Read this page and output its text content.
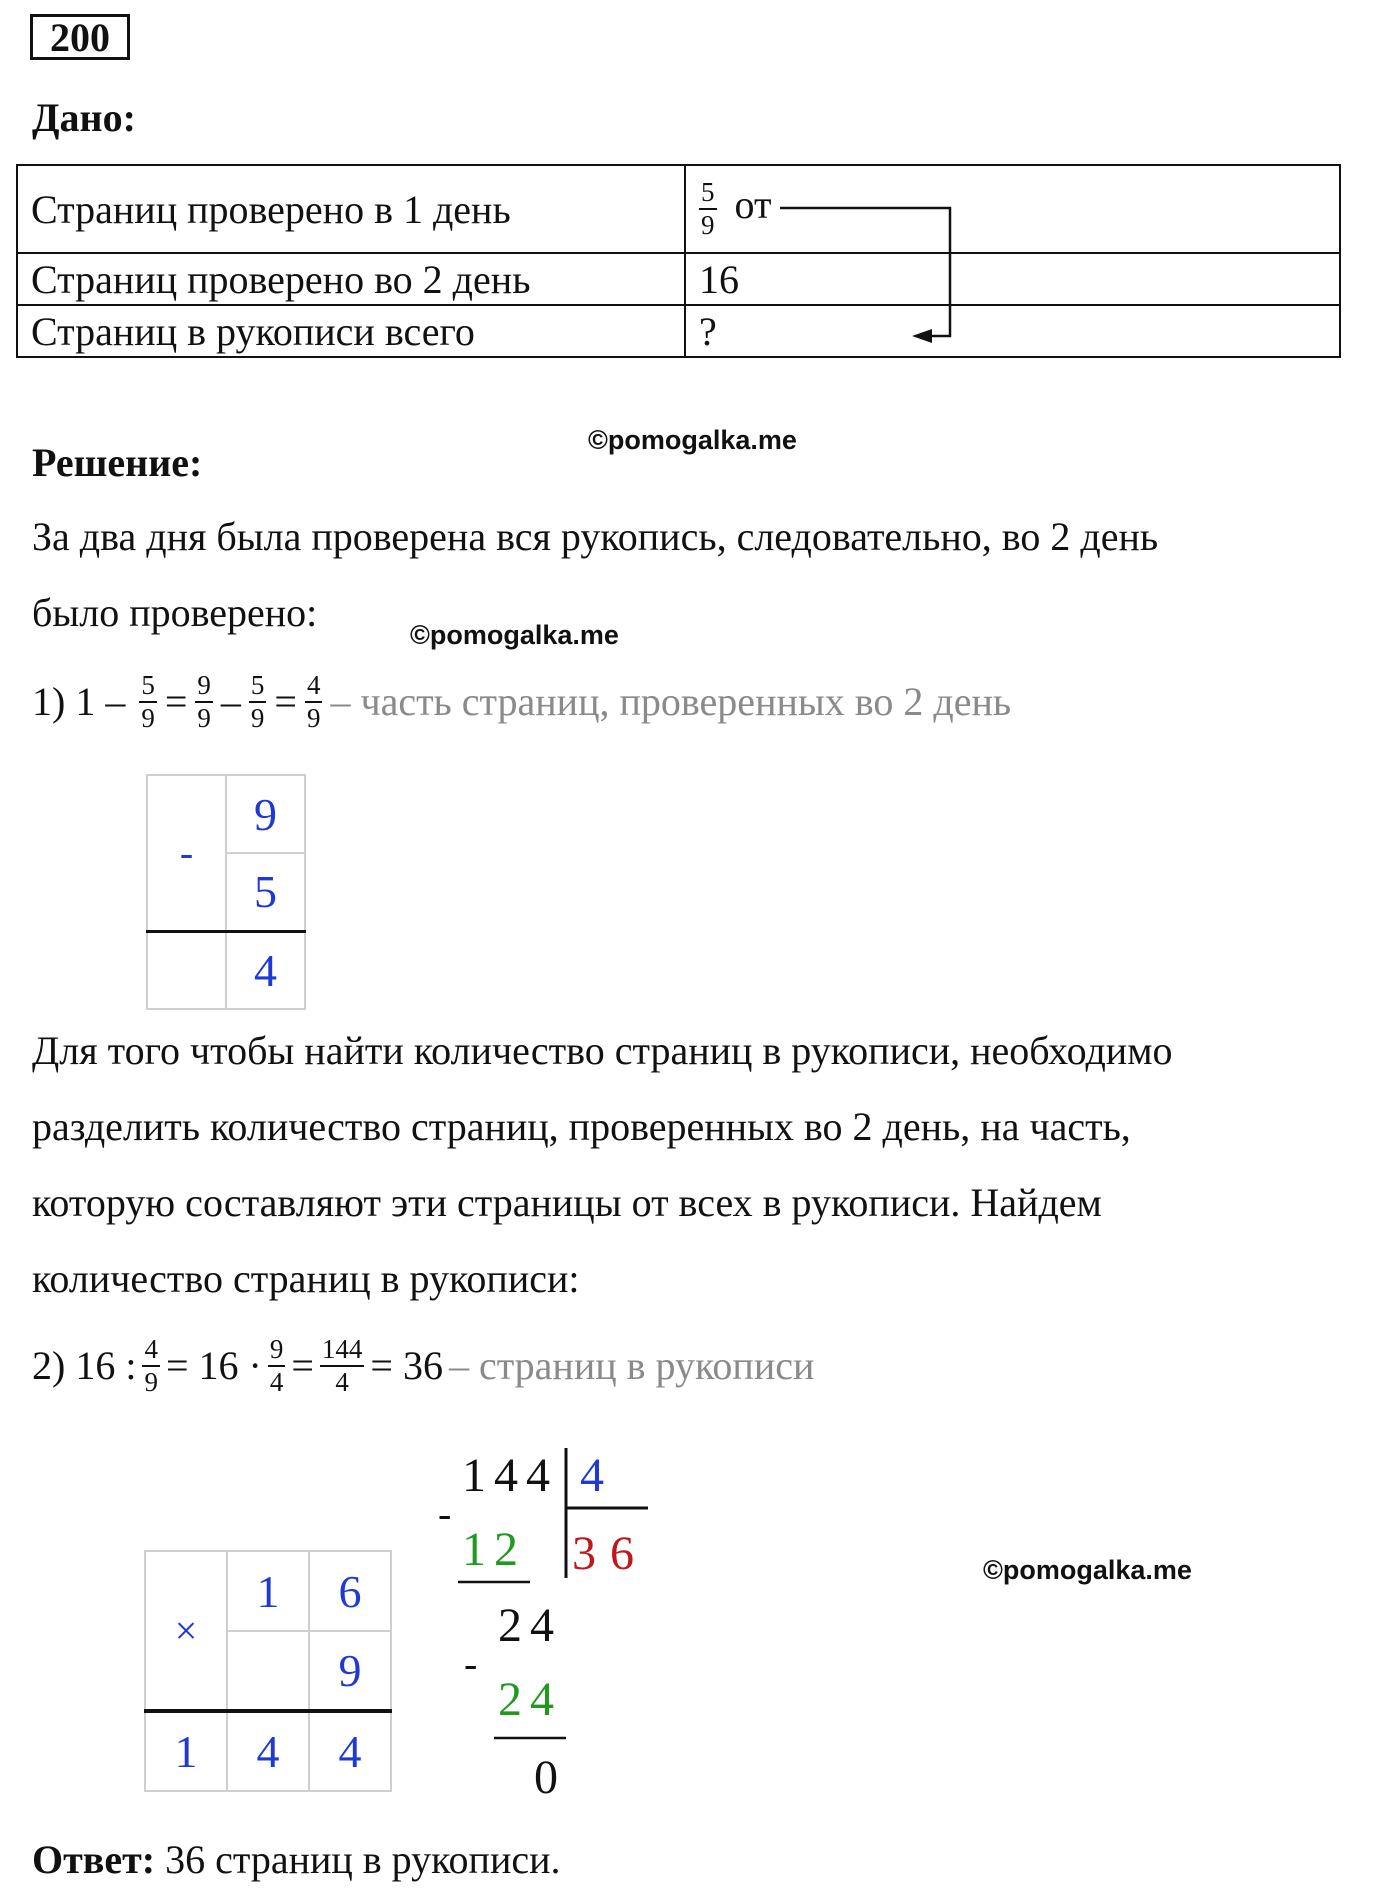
200
Дано:
Страниц проверено в 1 день	$\frac{5}{9}$ от
Страниц проверено во 2 день	16
Страниц в рукописи всего	?
©pomogalka.me
©pomogalka.me
©pomogalka.me
Решение:
За два дня была проверена вся рукопись, следовательно, во 2 день
было проверено:
1) $1 - \frac{5}{9} = \frac{9}{9} - \frac{5}{9} = \frac{4}{9}$ – часть страниц, проверенных во 2 день
-	9
	5
	4
Для того чтобы найти количество страниц в рукописи, необходимо
разделить количество страниц, проверенных во 2 день, на часть,
которую составляют эти страницы от всех в рукописи. Найдем
количество страниц в рукописи:
2) 16 : $\frac{4}{9} = 16 \cdot \frac{9}{4} = \frac{144}{4} = 36$ – страниц в рукописи
×	1	6
		9
1	4	4
144 4
-
12 36
24
-
24
0
Ответ: 36 страниц в рукописи.
